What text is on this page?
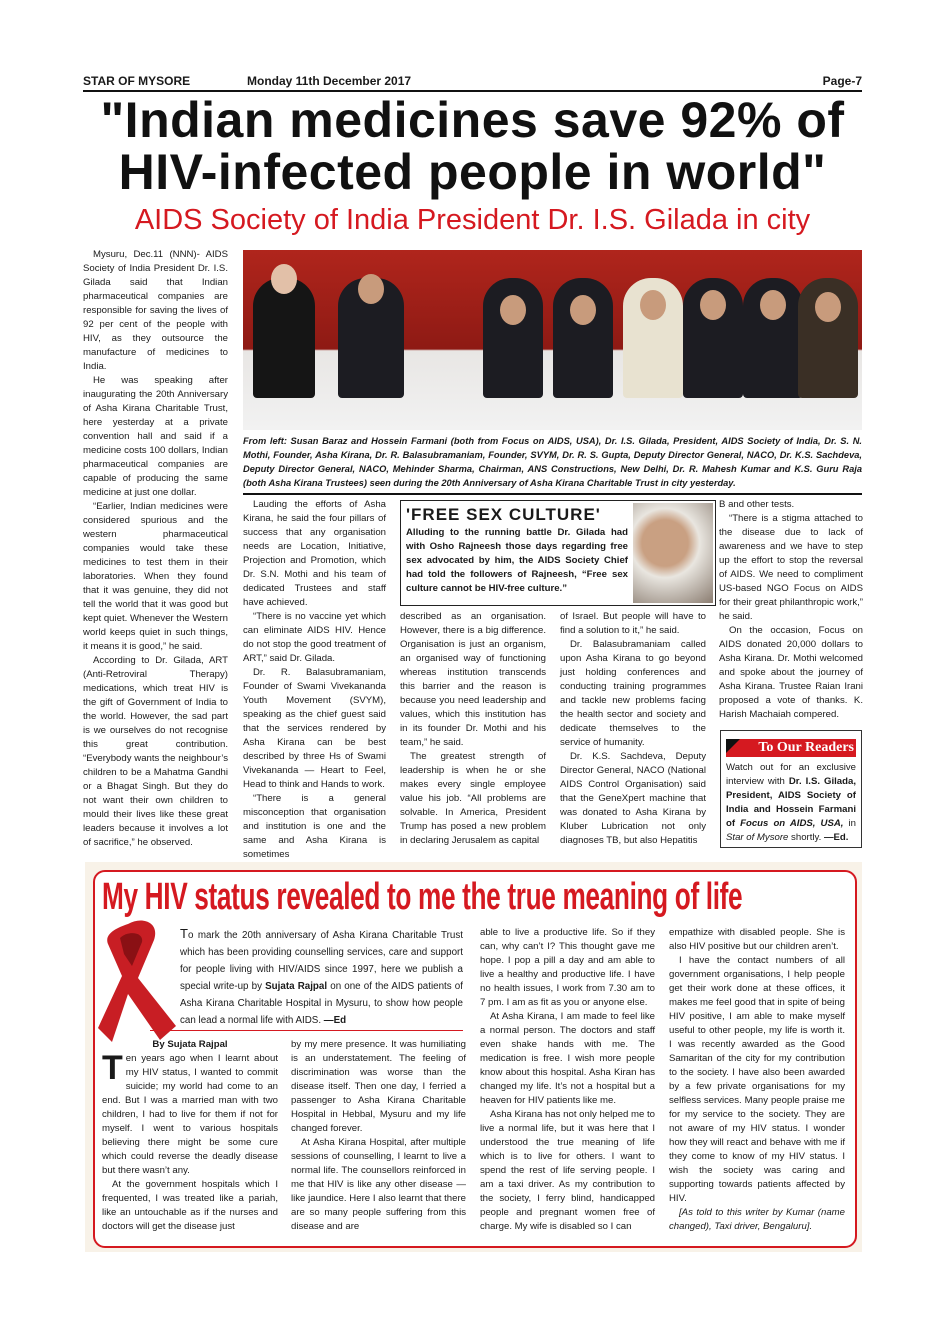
STAR OF MYSORE	Monday 11th December 2017	Page-7
"Indian medicines save 92% of
HIV-infected people in world"
AIDS Society of India President Dr. I.S. Gilada in city

Mysuru, Dec.11 (NNN)- AIDS Society of India President Dr. I.S. Gilada said that Indian pharmaceutical companies are responsible for saving the lives of 92 per cent of the people with HIV, as they outsource the manufacture of medicines to India.

He was speaking after inaugurating the 20th Anniversary of Asha Kirana Charitable Trust, here yesterday at a private convention hall and said if a medicine costs 100 dollars, Indian pharmaceutical companies are capable of producing the same medicine at just one dollar.

“Earlier, Indian medicines were considered spurious and the western pharmaceutical companies would take these medicines to test them in their laboratories. When they found that it was genuine, they did not tell the world that it was good but kept quiet. Whenever the Western world keeps quiet in such things, it means it is good,” he said.

According to Dr. Gilada, ART (Anti-Retroviral Therapy) medications, which treat HIV is the gift of Government of India to the world. However, the sad part is we ourselves do not recognise this great contribution. “Everybody wants the neighbour’s children to be a Mahatma Gandhi or a Bhagat Singh. But they do not want their own children to mould their lives like these great leaders because it involves a lot of sacrifice,” he observed.

From left: Susan Baraz and Hossein Farmani (both from Focus on AIDS, USA), Dr. I.S. Gilada, President, AIDS Society of India, Dr. S. N. Mothi, Founder, Asha Kirana, Dr. R. Balasubramaniam, Founder, SVYM, Dr. R. S. Gupta, Deputy Director General, NACO, Dr. K.S. Sachdeva, Deputy Director General, NACO, Mehinder Sharma, Chairman, ANS Constructions, New Delhi, Dr. R. Mahesh Kumar and K.S. Guru Raja (both Asha Kirana Trustees) seen during the 20th Anniversary of Asha Kirana Charitable Trust in city yesterday.

Lauding the efforts of Asha Kirana, he said the four pillars of success that any organisation needs are Location, Initiative, Projection and Promotion, which Dr. S.N. Mothi and his team of dedicated Trustees and staff have achieved.

“There is no vaccine yet which can eliminate AIDS HIV. Hence do not stop the good treatment of ART,” said Dr. Gilada.

Dr. R. Balasubramaniam, Founder of Swami Vivekananda Youth Movement (SVYM), speaking as the chief guest said that the services rendered by Asha Kirana can be best described by three Hs of Swami Vivekananda — Heart to Feel, Head to think and Hands to work.

“There is a general misconception that organisation and institution is one and the same and Asha Kirana is sometimes

'FREE SEX CULTURE'
Alluding to the running battle Dr. Gilada had with Osho Rajneesh those days regarding free sex advocated by him, the AIDS Society Chief had told the followers of Rajneesh, “Free sex culture cannot be HIV-free culture.”

described as an organisation. However, there is a big difference. Organisation is just an organism, an organised way of functioning whereas institution transcends this barrier and the reason is because you need leadership and values, which this institution has in its founder Dr. Mothi and his team,” he said.

The greatest strength of leadership is when he or she makes every single employee value his job. “All problems are solvable. In America, President Trump has posed a new problem in declaring Jerusalem as capital

of Israel. But people will have to find a solution to it,” he said.

Dr. Balasubramaniam called upon Asha Kirana to go beyond just holding conferences and conducting training programmes and tackle new problems facing the health sector and society and dedicate themselves to the service of humanity.

Dr. K.S. Sachdeva, Deputy Director General, NACO (National AIDS Control Organisation) said that the GeneXpert machine that was donated to Asha Kirana by Kluber Lubrication not only diagnoses TB, but also Hepatitis

B and other tests.

“There is a stigma attached to the disease due to lack of awareness and we have to step up the effort to stop the reversal of AIDS. We need to compliment US-based NGO Focus on AIDS for their great philanthropic work,” he said.

On the occasion, Focus on AIDS donated 20,000 dollars to Asha Kirana. Dr. Mothi welcomed and spoke about the journey of Asha Kirana. Trustee Raian Irani proposed a vote of thanks. K. Harish Machaiah compered.

To Our Readers
Watch out for an exclusive interview with Dr. I.S. Gilada, President, AIDS Society of India and Hossein Farmani of Focus on AIDS, USA, in Star of Mysore shortly. —Ed.
My HIV status revealed to me the true meaning of life
To mark the 20th anniversary of Asha Kirana Charitable Trust which has been providing counselling services, care and support for people living with HIV/AIDS since 1997, here we publish a special write-up by Sujata Rajpal on one of the AIDS patients of Asha Kirana Charitable Hospital in Mysuru, to show how people can lead a normal life with AIDS. —Ed

By Sujata Rajpal

Ten years ago when I learnt about my HIV status, I wanted to commit suicide; my world had come to an end. But I was a married man with two children, I had to live for them if not for myself. I went to various hospitals believing there might be some cure which could reverse the deadly disease but there wasn’t any.

At the government hospitals which I frequented, I was treated like a pariah, like an untouchable as if the nurses and doctors will get the disease just

by my mere presence. It was humiliating is an understatement. The feeling of discrimination was worse than the disease itself. Then one day, I ferried a passenger to Asha Kirana Charitable Hospital in Hebbal, Mysuru and my life changed forever.

At Asha Kirana Hospital, after multiple sessions of counselling, I learnt to live a normal life. The counsellors reinforced in me that HIV is like any other disease — like jaundice. Here I also learnt that there are so many people suffering from this disease and are

able to live a productive life. So if they can, why can’t I? This thought gave me hope. I pop a pill a day and am able to live a healthy and productive life. I have no health issues, I work from 7.30 am to 7 pm. I am as fit as you or anyone else.

At Asha Kirana, I am made to feel like a normal person. The doctors and staff even shake hands with me. The medication is free. I wish more people know about this hospital. Asha Kiran has changed my life. It’s not a hospital but a heaven for HIV patients like me.

Asha Kirana has not only helped me to live a normal life, but it was here that I understood the true meaning of life which is to live for others. I want to spend the rest of life serving people. I am a taxi driver. As my contribution to the society, I ferry blind, handicapped people and pregnant women free of charge. My wife is disabled so I can

empathize with disabled people. She is also HIV positive but our children aren’t.

I have the contact numbers of all government organisations, I help people get their work done at these offices, it makes me feel good that in spite of being HIV positive, I am able to make myself useful to other people, my life is worth it. I was recently awarded as the Good Samaritan of the city for my contribution to the society. I have also been awarded by a few private organisations for my selfless services. Many people praise me for my service to the society. They are not aware of my HIV status. I wonder how they will react and behave with me if they come to know of my HIV status. I wish the society was caring and supporting towards patients affected by HIV.

[As told to this writer by Kumar (name changed), Taxi driver, Bengaluru].
